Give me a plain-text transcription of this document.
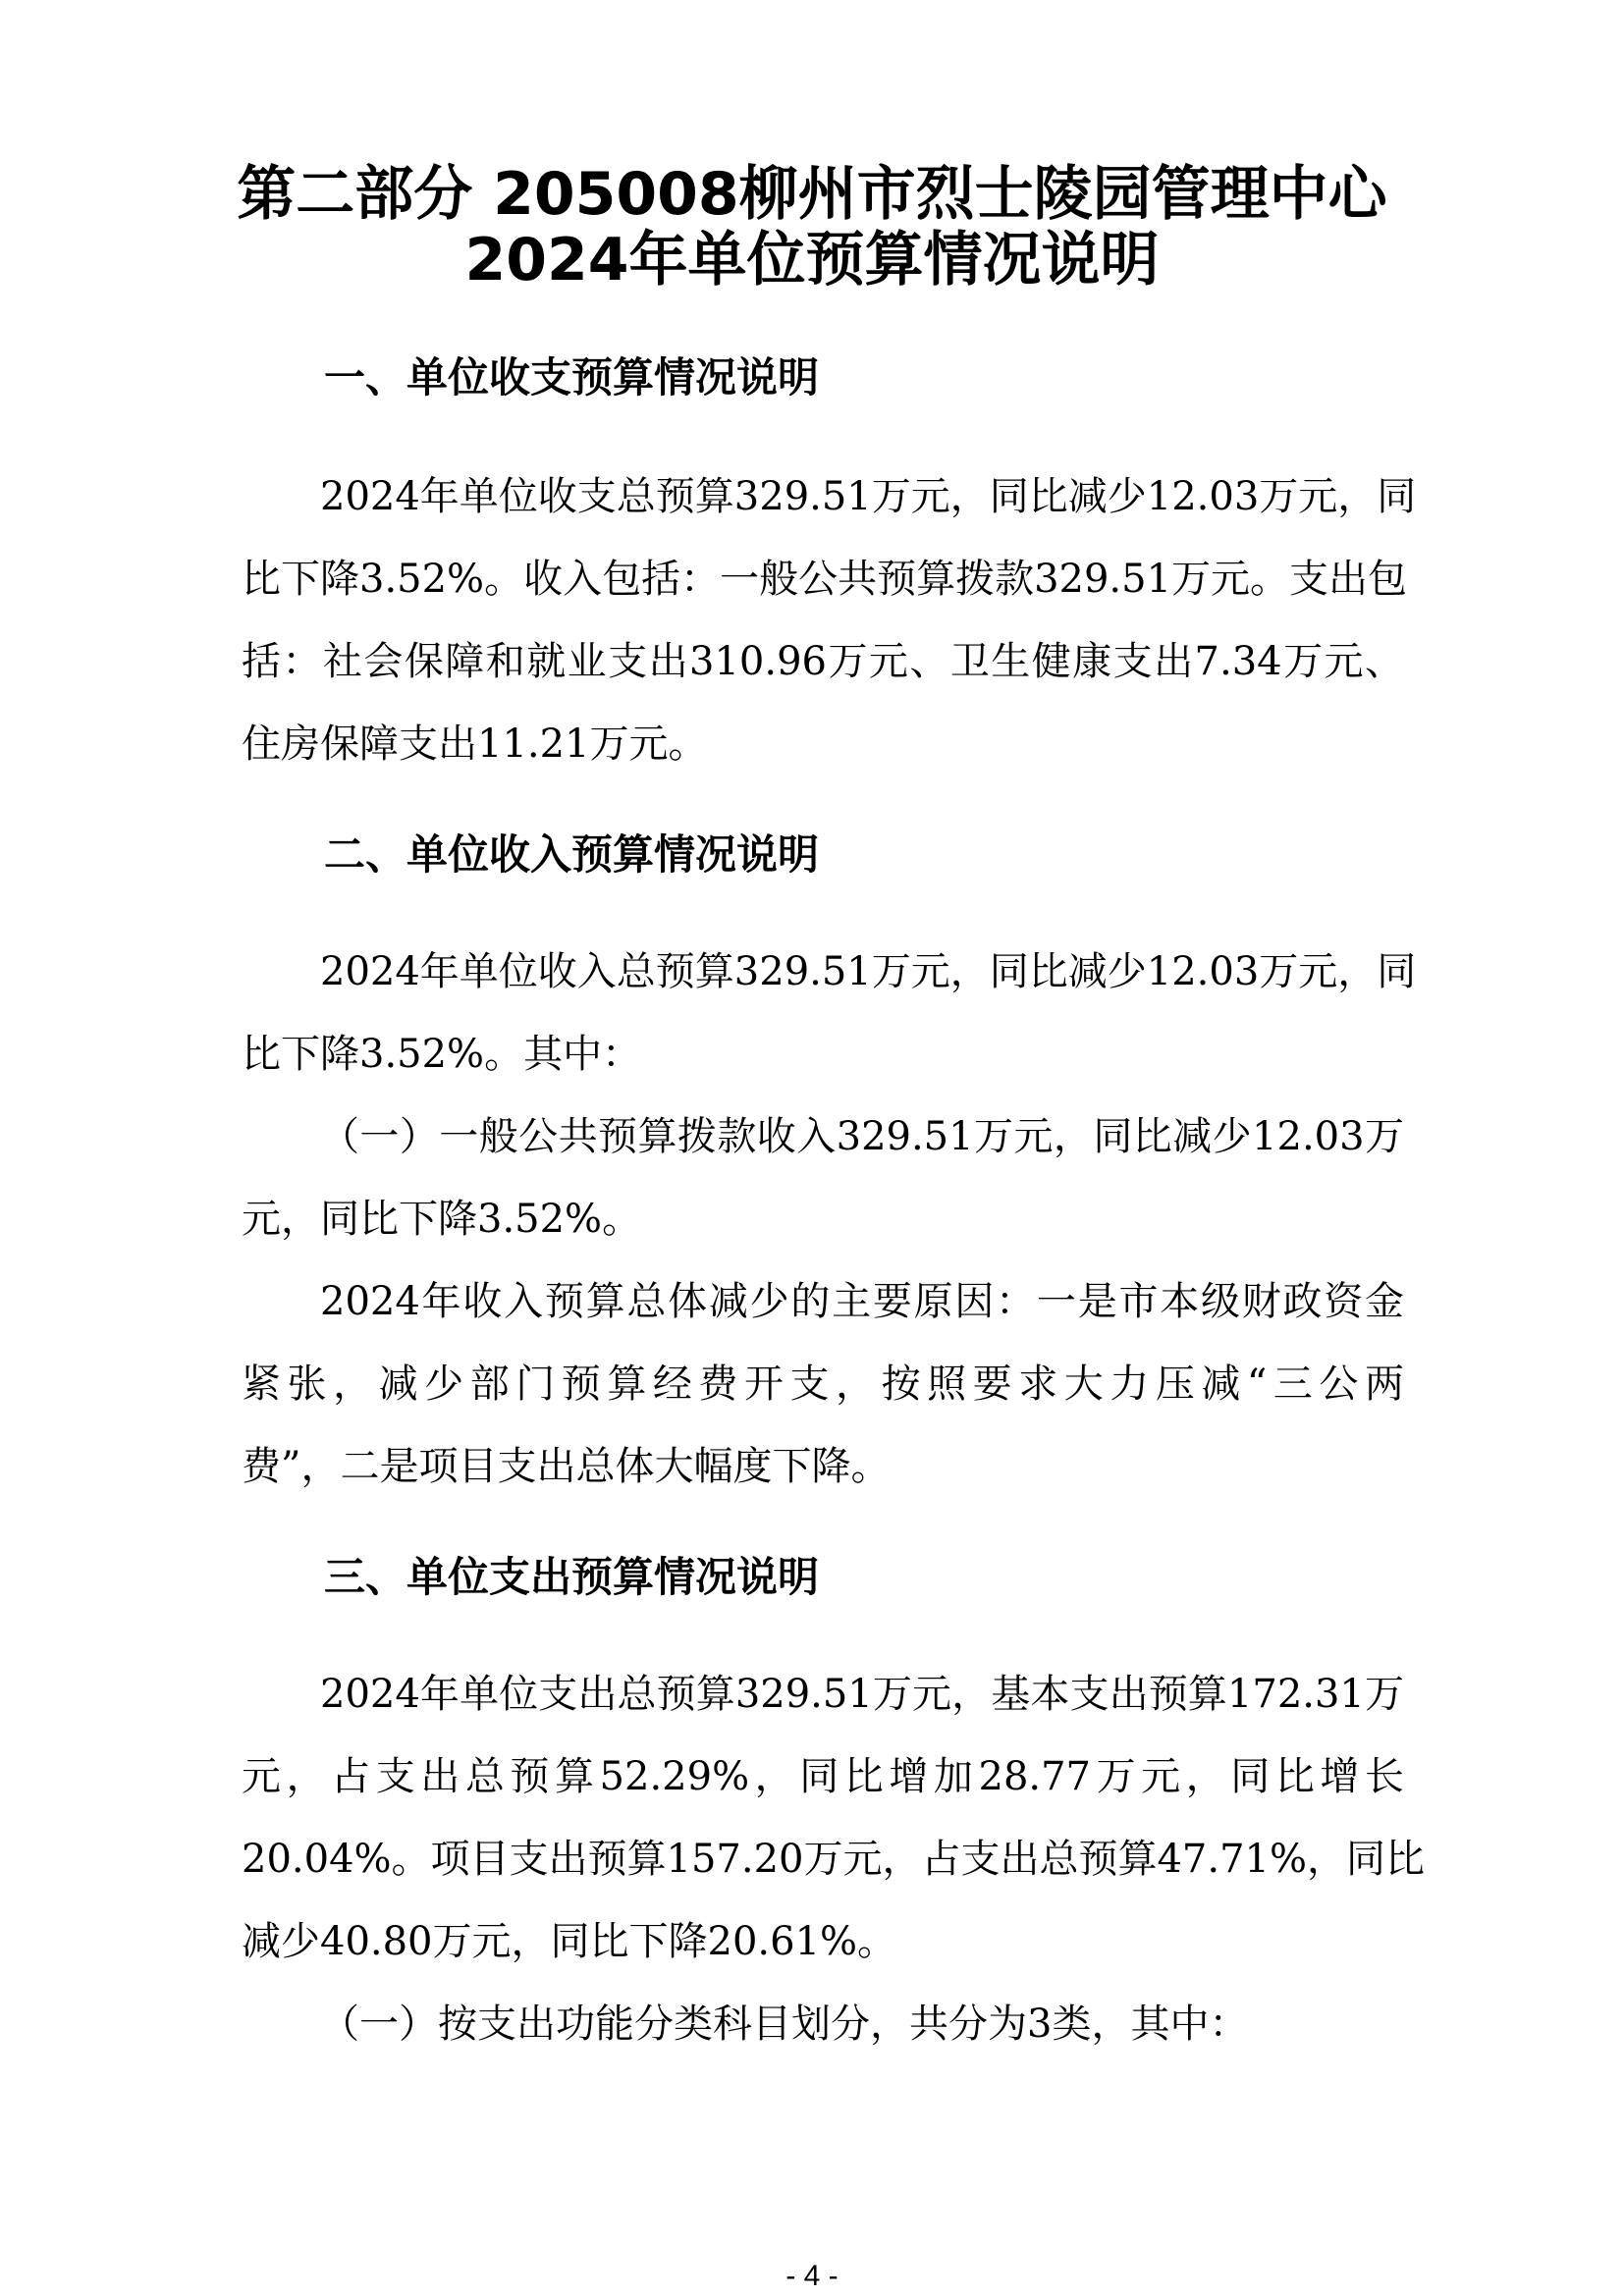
第二部分 205008柳州市烈士陵园管理中心
2024年单位预算情况说明
一、单位收支预算情况说明

2024年单位收支总预算329.51万元，同比减少12.03万元，同

比下降3.52%。收入包括：一般公共预算拨款329.51万元。支出包

括：社会保障和就业支出310.96万元、卫生健康支出7.34万元、

住房保障支出11.21万元。

二、单位收入预算情况说明

2024年单位收入总预算329.51万元，同比减少12.03万元，同

比下降3.52%。其中：

（一）一般公共预算拨款收入329.51万元，同比减少12.03万

元，同比下降3.52%。

2024年收入预算总体减少的主要原因：一是市本级财政资金

紧张，减少部门预算经费开支，按照要求大力压减“三公两

费”，二是项目支出总体大幅度下降。

三、单位支出预算情况说明

2024年单位支出总预算329.51万元，基本支出预算172.31万

元，占支出总预算52.29%，同比增加28.77万元，同比增长

20.04%。项目支出预算157.20万元，占支出总预算47.71%，同比

减少40.80万元，同比下降20.61%。

（一）按支出功能分类科目划分，共分为3类，其中：

- 4 -
